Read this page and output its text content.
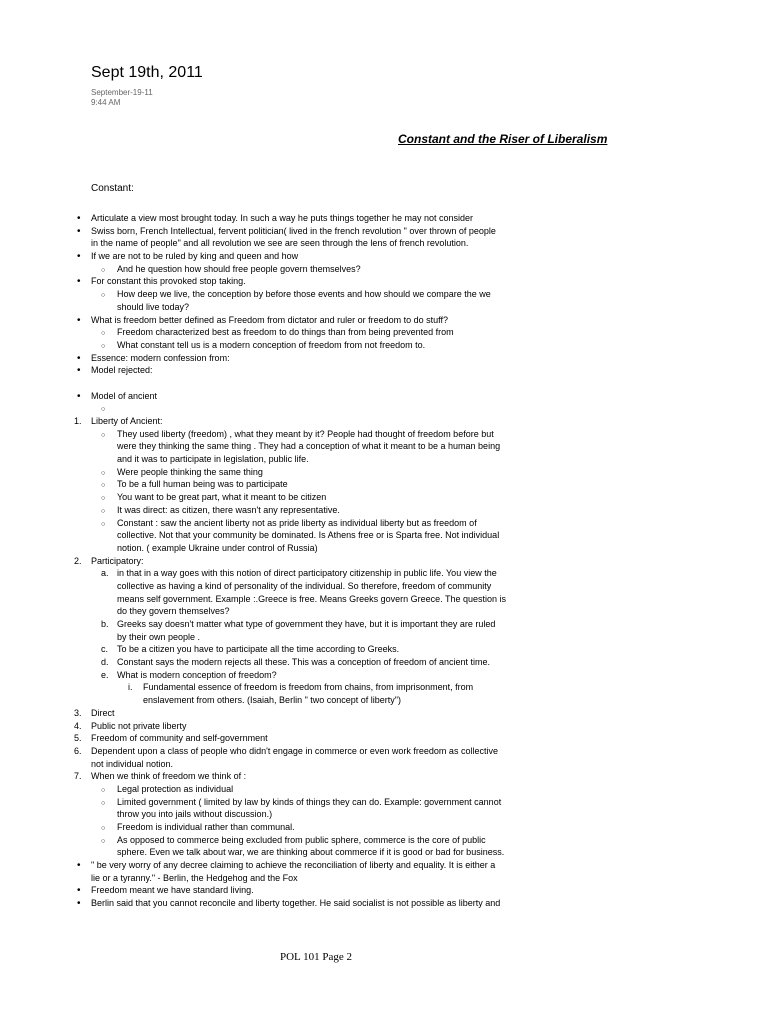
Sept 19th, 2011
September-19-11
9:44 AM
Constant and the Riser of Liberalism
Constant:
•
Articulate a view most brought today. In such a way he puts things together he may not consider
•
Swiss born, French Intellectual, fervent politician( lived in the french revolution " over thrown of people
in the name of people" and all revolution we see are seen through the lens of french revolution.
•
If we are not to be ruled by king and queen and how
○
And he question how should free people govern themselves?
•
For constant this provoked stop taking.
○
How deep we live, the conception by before those events and how should we compare the we
should live today?
•
What is freedom better defined as Freedom from dictator and ruler or freedom to do stuff?
○
Freedom characterized best as freedom to do things than from being prevented from
○
What constant tell us is a modern conception of freedom from not freedom to.
•
Essence: modern confession from:
•
Model rejected:
•
Model of ancient
○
1. Liberty of Ancient:
○
They used liberty (freedom) , what they meant by it? People had thought of freedom before but
were they thinking the same thing . They had a conception of what it meant to be a human being
and it was to participate in legislation, public life.
○
Were people thinking the same thing
○
To be a full human being was to participate
○
You want to be great part, what it meant to be citizen
○
It was direct: as citizen, there wasn't any representative.
○
Constant : saw the ancient liberty not as pride liberty as individual liberty but as freedom of
collective. Not that your community be dominated. Is Athens free or is Sparta free. Not individual
notion. ( example Ukraine under control of Russia)
2. Participatory:
a. in that in a way goes with this notion of direct participatory citizenship in public life. You view the
collective as having a kind of personality of the individual. So therefore, freedom of community
means self government. Example :.Greece is free. Means Greeks govern Greece. The question is
do they govern themselves?
b. Greeks say doesn't matter what type of government they have, but it is important they are ruled
by their own people .
c. To be a citizen you have to participate all the time according to Greeks.
d. Constant says the modern rejects all these. This was a conception of freedom of ancient time.
e. What is modern conception of freedom?
i. Fundamental essence of freedom is freedom from chains, from imprisonment, from
enslavement from others. (Isaiah, Berlin " two concept of liberty")
3. Direct
4. Public not private liberty
5. Freedom of community and self-government
6. Dependent upon a class of people who didn't engage in commerce or even work freedom as collective
not individual notion.
7. When we think of freedom we think of :
○
Legal protection as individual
○
Limited government ( limited by law by kinds of things they can do. Example: government cannot
throw you into jails without discussion.)
○
Freedom is individual rather than communal.
○
As opposed to commerce being excluded from public sphere, commerce is the core of public
sphere. Even we talk about war, we are thinking about commerce if it is good or bad for business.
•
" be very worry of any decree claiming to achieve the reconciliation of liberty and equality. It is either a
lie or a tyranny." - Berlin, the Hedgehog and the Fox
•
Freedom meant we have standard living.
•
Berlin said that you cannot reconcile and liberty together. He said socialist is not possible as liberty and
POL 101 Page 2
